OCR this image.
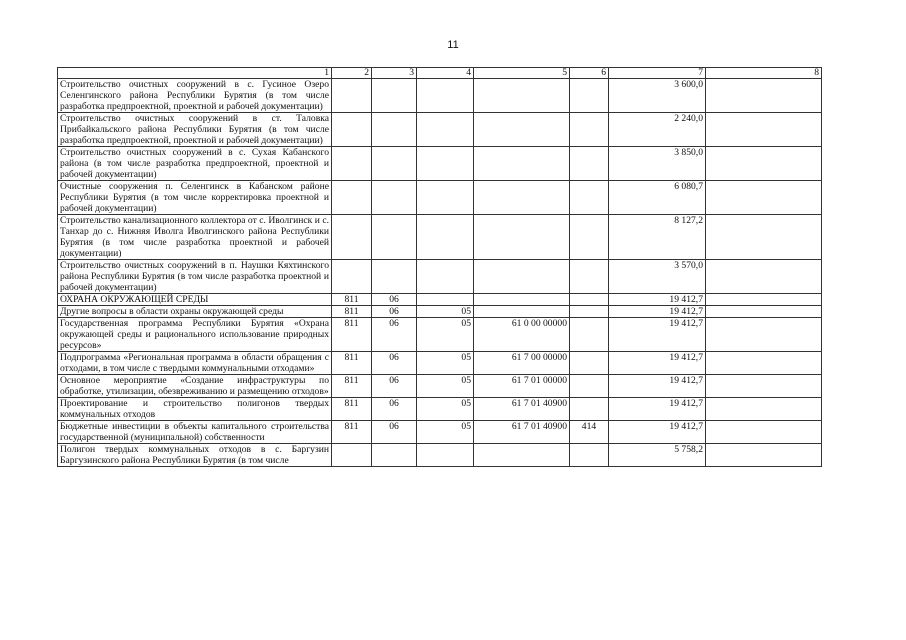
11
1	2	3	4	5	6	7	8
Строительство очистных сооружений в с. Гусиное Озеро Селенгинского района Республики Бурятия (в том числе разработка предпроектной, проектной и рабочей документации)						3 600,0	
Строительство очистных сооружений в ст. Таловка Прибайкальского района Республики Бурятия (в том числе разработка предпроектной, проектной и рабочей документации)						2 240,0	
Строительство очистных сооружений в с. Сухая Кабанского района (в том числе разработка предпроектной, проектной и рабочей документации)						3 850,0	
Очистные сооружения п. Селенгинск в Кабанском районе Республики Бурятия (в том числе корректировка проектной и рабочей документации)						6 080,7	
Строительство канализационного коллектора от с. Иволгинск и с. Танхар до с. Нижняя Иволга Иволгинского района Республики Бурятия (в том числе разработка проектной и рабочей документации)						8 127,2	
Строительство очистных сооружений в п. Наушки Кяхтинского района Республики Бурятия (в том числе разработка проектной и рабочей документации)						3 570,0	
ОХРАНА ОКРУЖАЮЩЕЙ СРЕДЫ	811	06				19 412,7	
Другие вопросы в области охраны окружающей среды	811	06	05			19 412,7	
Государственная программа Республики Бурятия «Охрана окружающей среды и рационального использование природных ресурсов»	811	06	05	61 0 00 00000		19 412,7	
Подпрограмма «Региональная программа в области обращения с отходами, в том числе с твердыми коммунальными отходами»	811	06	05	61 7 00 00000		19 412,7	
Основное мероприятие «Создание инфраструктуры по обработке, утилизации, обезвреживанию и размещению отходов»	811	06	05	61 7 01 00000		19 412,7	
Проектирование и строительство полигонов твердых коммунальных отходов	811	06	05	61 7 01 40900		19 412,7	
Бюджетные инвестиции в объекты капитального строительства государственной (муниципальной) собственности	811	06	05	61 7 01 40900	414	19 412,7	
Полигон твердых коммунальных отходов в с. Баргузин Баргузинского района Республики Бурятия (в том числе						5 758,2	
